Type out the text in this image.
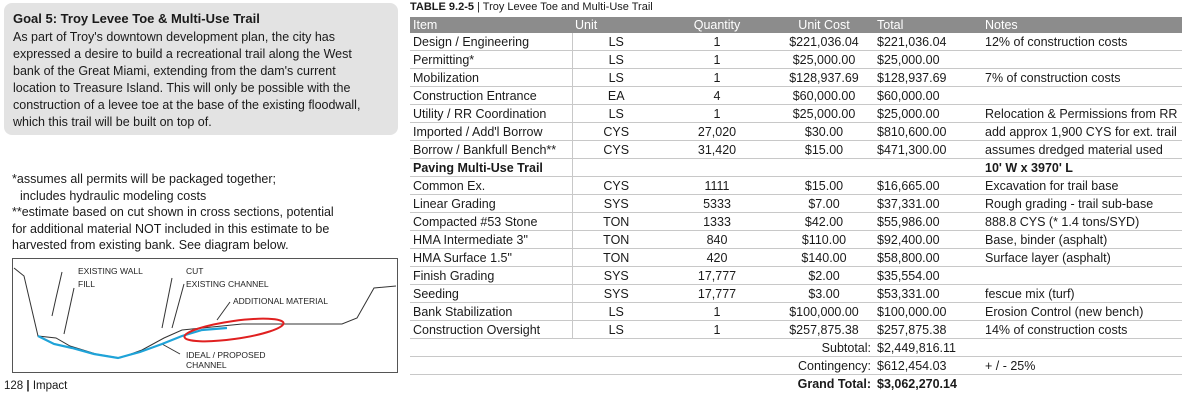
Goal 5: Troy Levee Toe & Multi-Use Trail
As part of Troy's downtown development plan, the city has
expressed a desire to build a recreational trail along the West
bank of the Great Miami, extending from the dam's current
location to Treasure Island. This will only be possible with the
construction of a levee toe at the base of the existing floodwall,
which this trail will be built on top of.
*assumes all permits will be packaged together;
includes hydraulic modeling costs
**estimate based on cut shown in cross sections, potential
for additional material NOT included in this estimate to be
harvested from existing bank. See diagram below.
EXISTING WALL
FILL
CUT
EXISTING CHANNEL
ADDITIONAL MATERIAL
IDEAL / PROPOSED
CHANNEL
128 | Impact
TABLE 9.2-5 | Troy Levee Toe and Multi-Use Trail
Item	Unit	Quantity	Unit Cost	Total	Notes
Design / Engineering	LS	1	$221,036.04	$221,036.04	12% of construction costs
Permitting*	LS	1	$25,000.00	$25,000.00	
Mobilization	LS	1	$128,937.69	$128,937.69	7% of construction costs
Construction Entrance	EA	4	$60,000.00	$60,000.00	
Utility / RR Coordination	LS	1	$25,000.00	$25,000.00	Relocation & Permissions from RR
Imported / Add'l Borrow	CYS	27,020	$30.00	$810,600.00	add approx 1,900 CYS for ext. trail
Borrow / Bankfull Bench**	CYS	31,420	$15.00	$471,300.00	assumes dredged material used
Paving Multi-Use Trail					10' W x 3970' L
Common Ex.	CYS	1111	$15.00	$16,665.00	Excavation for trail base
Linear Grading	SYS	5333	$7.00	$37,331.00	Rough grading - trail sub-base
Compacted #53 Stone	TON	1333	$42.00	$55,986.00	888.8 CYS (* 1.4 tons/SYD)
HMA Intermediate 3"	TON	840	$110.00	$92,400.00	Base, binder (asphalt)
HMA Surface 1.5"	TON	420	$140.00	$58,800.00	Surface layer (asphalt)
Finish Grading	SYS	17,777	$2.00	$35,554.00	
Seeding	SYS	17,777	$3.00	$53,331.00	fescue mix (turf)
Bank Stabilization	LS	1	$100,000.00	$100,000.00	Erosion Control (new bench)
Construction Oversight	LS	1	$257,875.38	$257,875.38	14% of construction costs
			Subtotal:	$2,449,816.11	
			Contingency:	$612,454.03	+ / - 25%
			Grand Total:	$3,062,270.14	
